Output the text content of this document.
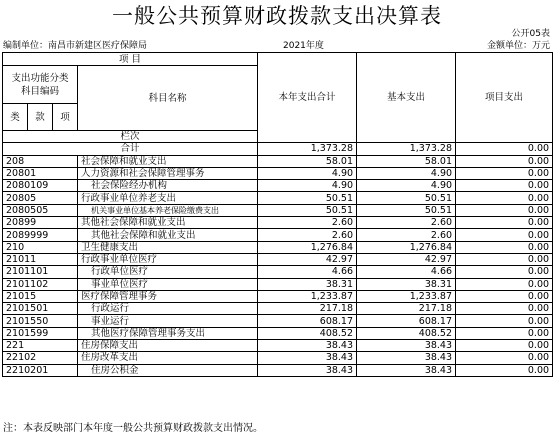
一般公共预算财政拨款支出决算表
公开05表
编制单位：南昌市新建区医疗保障局	2021年度	金额单位：万元
项 目				本年支出合计	基本支出	项目支出	
支出功能分类
科目编码			科目名称				
类	款	项					
栏次			
合计				1,373.28	1,373.28	0.00	
208			社会保障和就业支出	58.01	58.01	0.00	
20801			人力资源和社会保障管理事务	4.90	4.90	0.00	
2080109			社会保险经办机构	4.90	4.90	0.00	
20805			行政事业单位养老支出	50.51	50.51	0.00	
2080505			机关事业单位基本养老保险缴费支出	50.51	50.51	0.00	
20899			其他社会保障和就业支出	2.60	2.60	0.00	
2089999			其他社会保障和就业支出	2.60	2.60	0.00	
210			卫生健康支出	1,276.84	1,276.84	0.00	
21011			行政事业单位医疗	42.97	42.97	0.00	
2101101			行政单位医疗	4.66	4.66	0.00	
2101102			事业单位医疗	38.31	38.31	0.00	
21015			医疗保障管理事务	1,233.87	1,233.87	0.00	
2101501			行政运行	217.18	217.18	0.00	
2101550			事业运行	608.17	608.17	0.00	
2101599			其他医疗保障管理事务支出	408.52	408.52	0.00	
221			住房保障支出	38.43	38.43	0.00	
22102			住房改革支出	38.43	38.43	0.00	
2210201			住房公积金	38.43	38.43	0.00	
注：本表反映部门本年度一般公共预算财政拨款支出情况。
